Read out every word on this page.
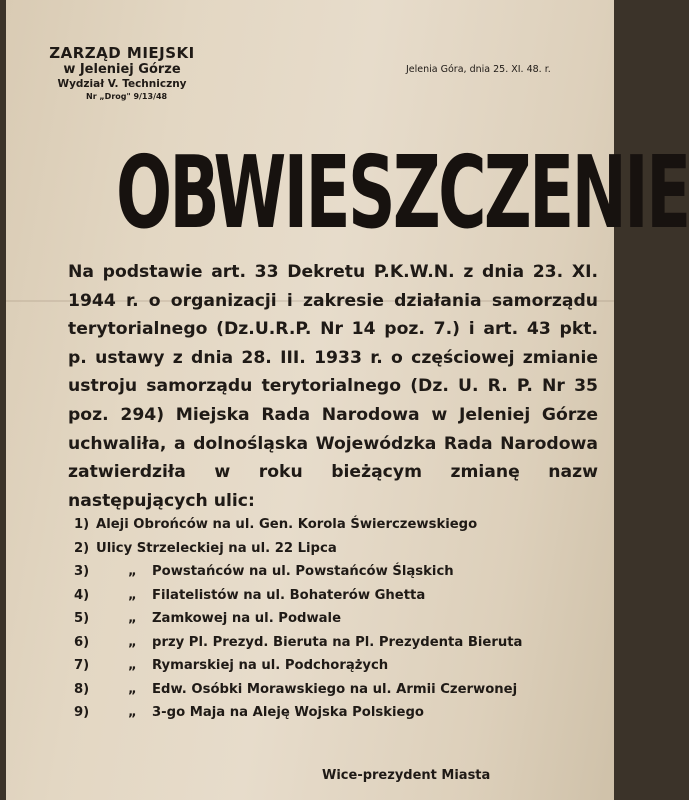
ZARZĄD MIEJSKI
w Jeleniej Górze
Wydział V. Techniczny
Nr „Drog" 9/13/48
Jelenia Góra, dnia 25. XI. 48. r.
OBWIESZCZENIE
Na podstawie art. 33 Dekretu P.K.W.N. z dnia 23. XI. 1944 r. o organizacji i zakresie działania samorządu terytorialnego (Dz.U.R.P. Nr 14 poz. 7.) i art. 43 pkt. p. ustawy z dnia 28. III. 1933 r. o częściowej zmianie ustroju samorządu terytorialnego (Dz. U. R. P. Nr 35 poz. 294) Miejska Rada Narodowa w Jeleniej Górze uchwaliła, a dolnośląska Wojewódzka Rada Narodowa zatwierdziła w roku bieżącym zmianę nazw następujących ulic:
1) Aleji Obrońców na ul. Gen. Korola Świerczewskiego
2) Ulicy Strzeleckiej na ul. 22 Lipca
3)	„ Powstańców na ul. Powstańców Śląskich
4)	„ Filatelistów na ul. Bohaterów Ghetta
5)	„ Zamkowej na ul. Podwale
6)	„ przy Pl. Prezyd. Bieruta na Pl. Prezydenta Bieruta
7)	„ Rymarskiej na ul. Podchorążych
8)	„ Edw. Osóbki Morawskiego na ul. Armii Czerwonej
9)	„ 3-go Maja na Aleję Wojska Polskiego
Wice-prezydent Miasta
